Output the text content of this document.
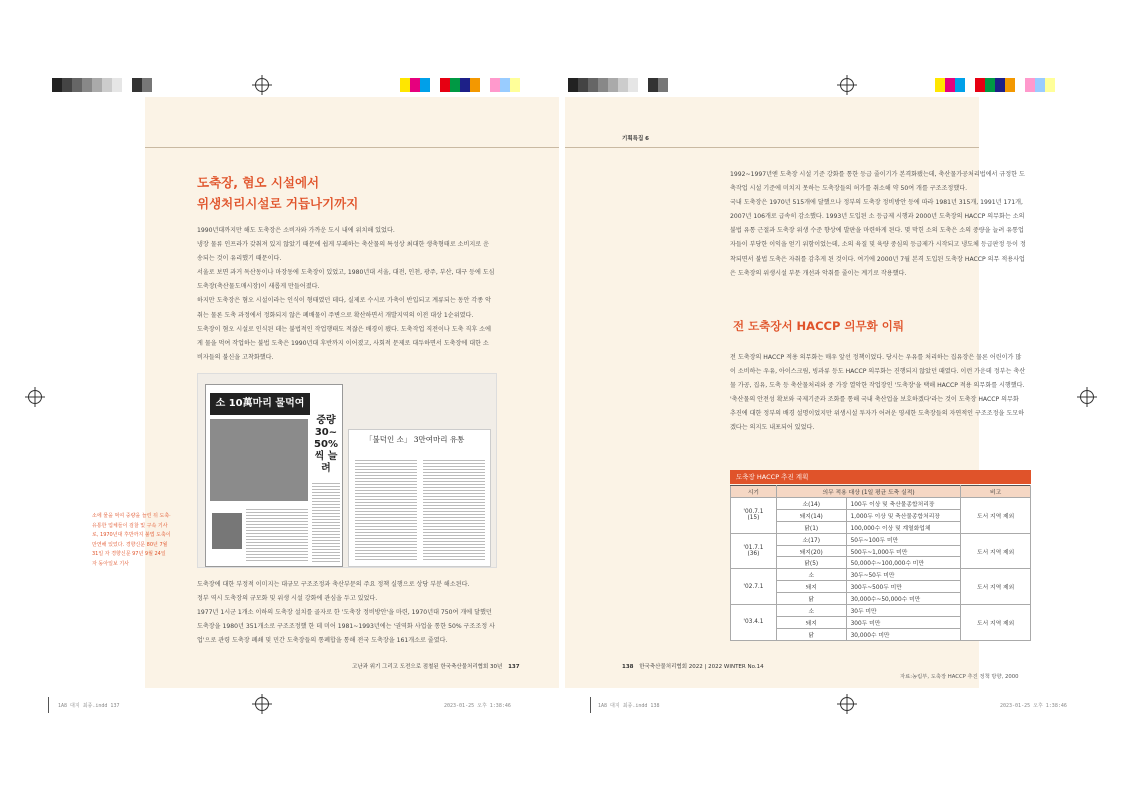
도축장, 혐오 시설에서
위생처리시설로 거듭나기까지

1990년대까지만 해도 도축장은 소비자와 가까운 도시 내에 위치해 있었다.

냉장 물류 인프라가 갖춰져 있지 않았기 때문에 쉽게 부패하는 축산물의 특성상 최대한 생축형태로 소비지로 운

송되는 것이 유리했기 때문이다.

서울로 보면 과거 독산동이나 마장동에 도축장이 있었고, 1980년대 서울, 대전, 인천, 광주, 부산, 대구 등에 도심

도축장(축산물도매시장)이 새롭게 만들어졌다.

하지만 도축장은 혐오 시설이라는 인식이 형태였던 데다, 실제로 수시로 가축이 반입되고 계류되는 동안 각종 악

취는 물론 도축 과정에서 정화되지 않은 폐배물이 주변으로 확산하면서 개발지역의 이전 대상 1순위였다.

도축장이 혐오 시설로 인식된 데는 불법적인 작업행태도 적잖은 배경이 됐다. 도축작업 직전이나 도축 직후 소에

게 물을 먹여 작업하는 불법 도축은 1990년대 후반까지 이어졌고, 사회적 문제로 대두하면서 도축장에 대한 소

비자들의 불신을 고착화했다.

소 10萬마리 물먹여
중량 30~50%씩 늘려
「불덕인 소」 3만여마리 유통
소에 물을 먹여 중량을 늘린 뒤 도축·유통한 업체들이 검찰 및 구속 기사로, 1970년대 후반까지 불법 도축이 만연해 있었다. 경향신문 80년 7월 31일 자 경향신문 97년 9월 24일 자 동아일보 기사

도축장에 대한 부정적 이미지는 대규모 구조조정과 축산부문의 주요 정책 실행으로 상당 부분 해소된다.

정부 역시 도축장의 규모화 및 위생 시설 강화에 관심을 두고 있었다.

1977년 1시군 1개소 이하의 도축장 설치를 골자로 한 '도축장 정비방안'을 마련, 1970년대 750여 개에 달했던

도축장을 1980년 351개소로 구조조정했 한 데 미어 1981~1993년에는 '권역화 사업을 통한 50% 구조조정 사

업'으로 관령 도축장 폐쇄 및 민간 도축장들의 통폐합을 통해 전국 도축장을 161개소로 줄였다.

고난과 위기 그리고 도전으로 점철된 한국축산물처리협회 30년 137
기획특집 6

1992~1997년엔 도축장 시설 기준 강화를 통한 등급 줄이기가 본격화됐는데, 축산물가공처리법에서 규정한 도

축작업 시설 기준에 미치지 못하는 도축장들의 허가를 취소해 약 50여 개를 구조조정했다.

국내 도축장은 1970년 515개에 달했으나 정부의 도축장 정비방안 등에 따라 1981년 315개, 1991년 171개,

2007년 106개로 급속히 감소했다. 1993년 도입된 소 등급제 시행과 2000년 도축장의 HACCP 의무화는 소의

불법 유통 근절과 도축장 위생 수준 향상에 발판을 마련하게 된다. 몇 막힌 소의 도축은 소의 중량을 늘려 유통업

자들이 부당한 이익을 얻기 위함이었는데, 소의 육질 및 육량 중심의 등급제가 시작되고 냉도체 등급판정 등이 정

착되면서 불법 도축은 자취를 감추게 된 것이다. 여기에 2000년 7월 본격 도입된 도축장 HACCP 의무 적용사업

은 도축장의 위생시설 부문 개선과 악취를 줄이는 계기로 작용했다.

전 도축장서 HACCP 의무화 이뤄

전 도축장의 HACCP 적용 의무화는 매우 앞선 정책이었다. 당시는 우유를 처리하는 집유장은 물론 어린이가 많

이 소비하는 우유, 아이스크림, 빙과류 등도 HACCP 의무화는 진행되지 않았던 때였다. 이런 가운데 정부는 축산

물 가공, 집유, 도축 등 축산물처리와 중 가장 열악한 작업장인 '도축장'을 택해 HACCP 적용 의무화를 시행했다.

'축산물의 안전성 확보와 국제기준과 조화를 통해 국내 축산업을 보호하겠다'라는 것이 도축장 HACCP 의무화

추진에 대한 정부의 배경 설명이었지만 위생시설 투자가 어려운 영세한 도축장들의 자연적인 구조조정을 도모하

겠다는 의지도 내포되어 있었다.

도축장 HACCP 추진 계획
시기	의무 적용 대상 (1일 평균 도축 실적)		비고

'00.7.1
(15)	소(14)	100두 이상 및 축산물종합처리장	도서 지역 제외
	돼지(14)	1,000두 이상 및 축산물종합처리장	
	닭(1)	100,000수 이상 및 계열화업체	

'01.7.1
(36)	소(17)	50두~100두 미만	도서 지역 제외
	돼지(20)	500두~1,000두 미만	
	닭(5)	50,000수~100,000수 미만	

'02.7.1	소	30두~50두 미만	도서 지역 제외
	돼지	300두~500두 미만	
	닭	30,000수~50,000수 미만	

'03.4.1	소	30두 미만	도서 지역 제외
	돼지	300두 미만	
	닭	30,000수 미만	
자료:농림부, 도축장 HACCP 추진 정책 방향, 2000
138 한국축산물처리협회 2022 | 2022 WINTER No.14
1A8 대지 최종.indd 137	2023-01-25 오후 1:38:46	1A8 대지 최종.indd 138	2023-01-25 오후 1:38:46
